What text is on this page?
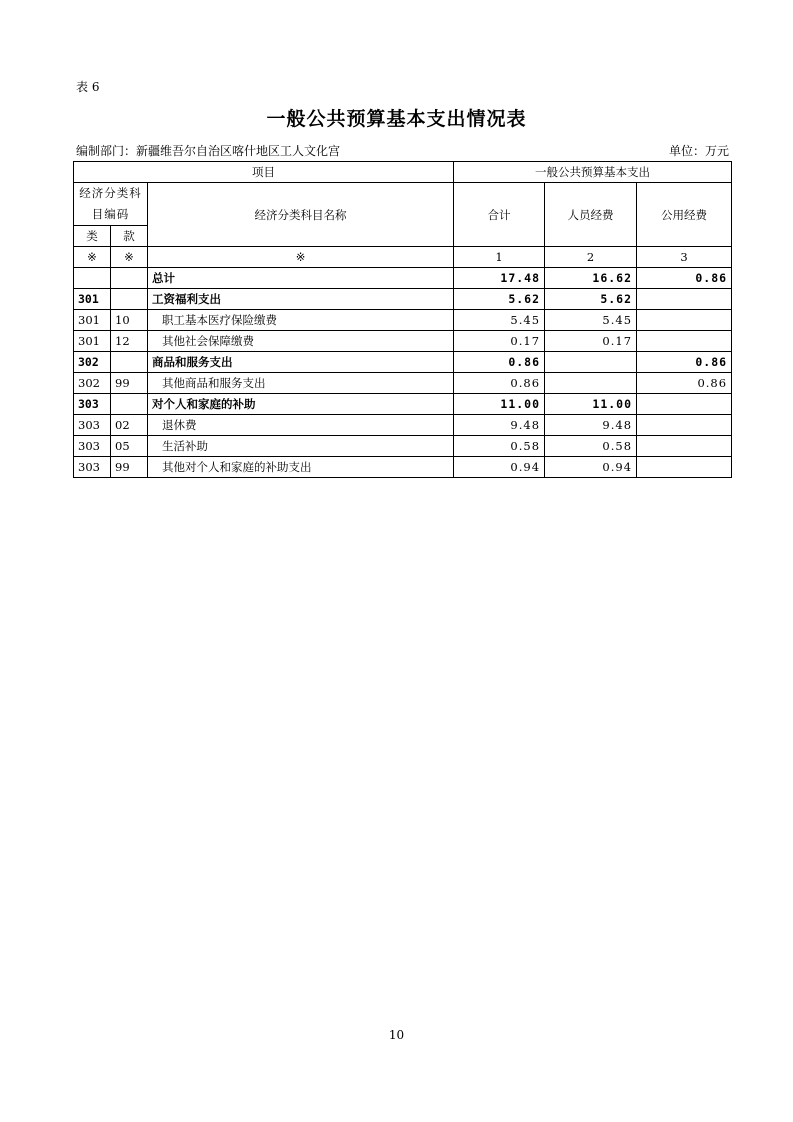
表 6
一般公共预算基本支出情况表
编制部门：新疆维吾尔自治区喀什地区工人文化宫	单位：万元
项目			一般公共预算基本支出		
经济分类科目编码		经济分类科目名称	合计	人员经费	公用经费
类	款				
※	※	※	1	2	3
		总计	17.48	16.62	0.86
301		工资福利支出	5.62	5.62	
301	10	职工基本医疗保险缴费	5.45	5.45	
301	12	其他社会保障缴费	0.17	0.17	
302		商品和服务支出	0.86		0.86
302	99	其他商品和服务支出	0.86		0.86
303		对个人和家庭的补助	11.00	11.00	
303	02	退休费	9.48	9.48	
303	05	生活补助	0.58	0.58	
303	99	其他对个人和家庭的补助支出	0.94	0.94	
10
